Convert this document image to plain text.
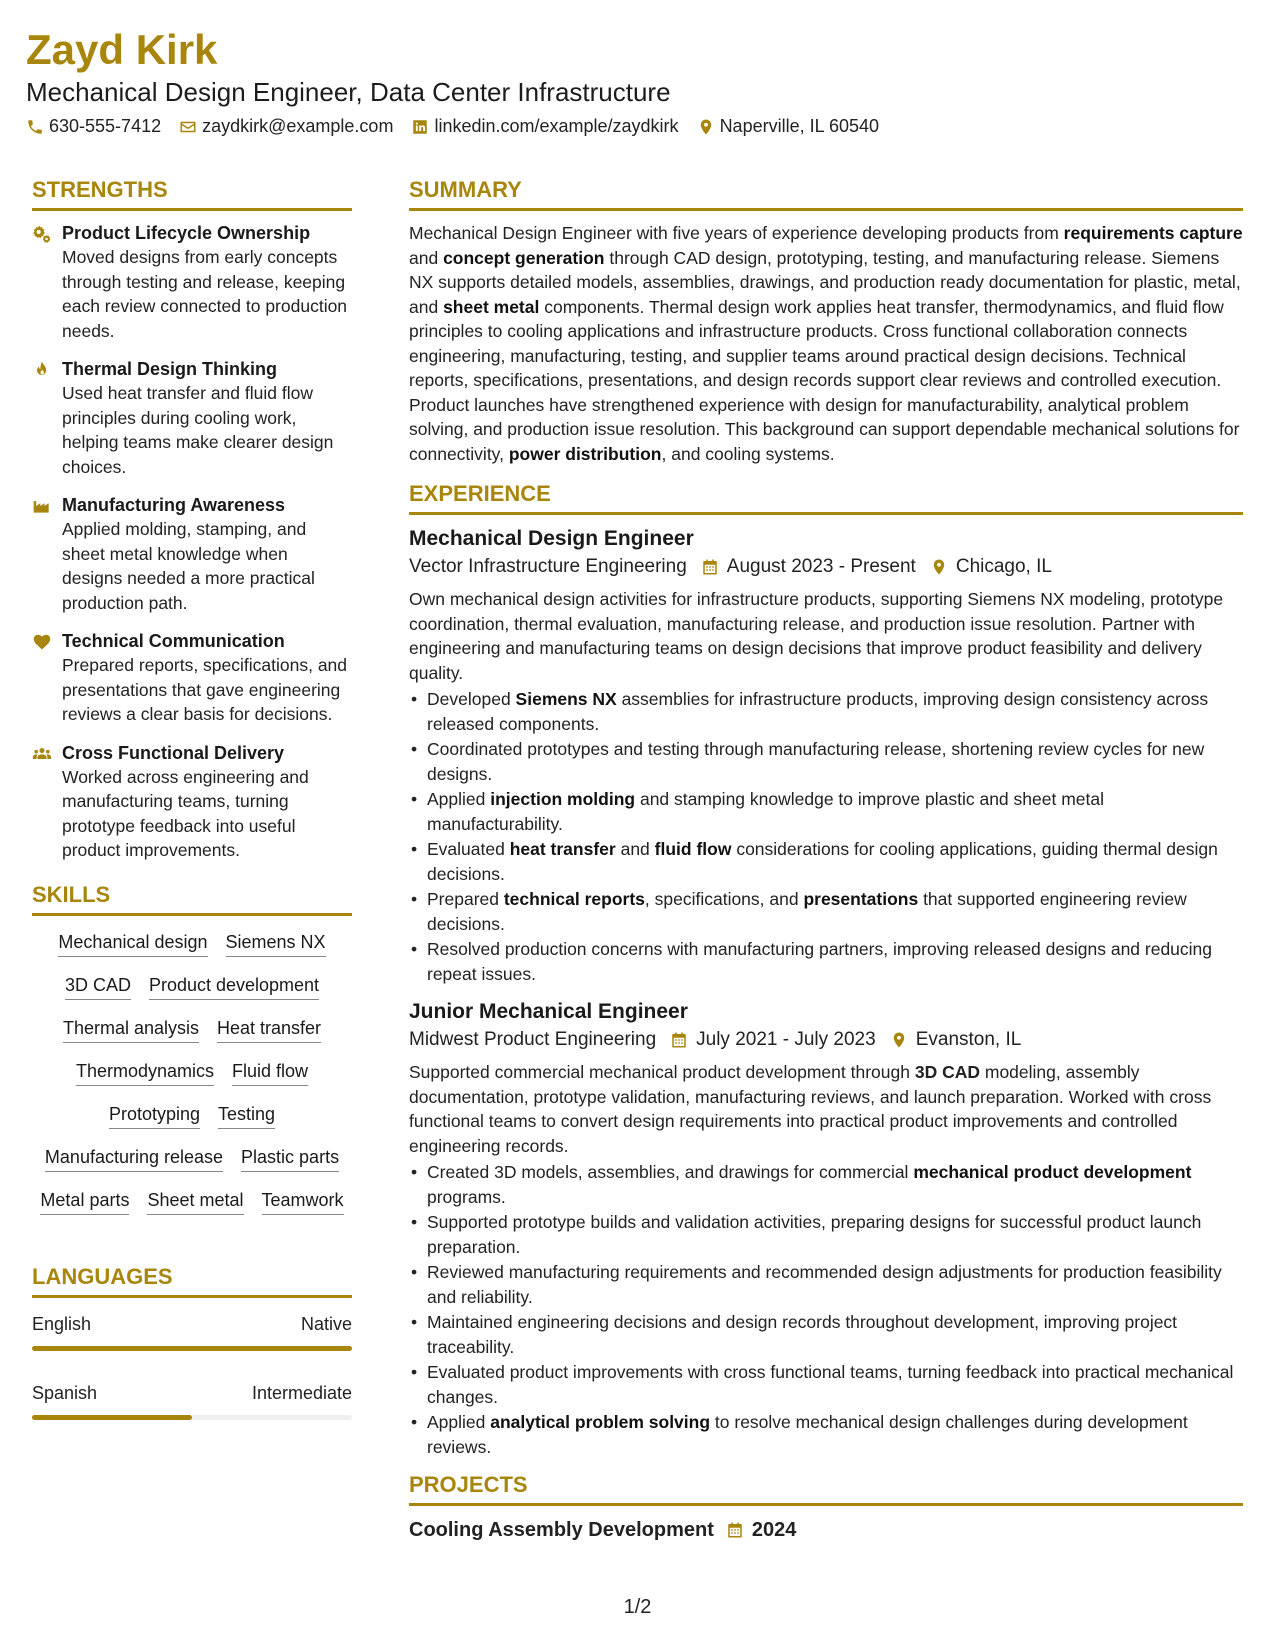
Zayd Kirk
Mechanical Design Engineer, Data Center Infrastructure
630-555-7412 zaydkirk@example.com linkedin.com/example/zaydkirk Naperville, IL 60540
STRENGTHS
Product Lifecycle Ownership
Moved designs from early concepts through testing and release, keeping each review connected to production needs.
Thermal Design Thinking
Used heat transfer and fluid flow principles during cooling work, helping teams make clearer design choices.
Manufacturing Awareness
Applied molding, stamping, and sheet metal knowledge when designs needed a more practical production path.
Technical Communication
Prepared reports, specifications, and presentations that gave engineering reviews a clear basis for decisions.
Cross Functional Delivery
Worked across engineering and manufacturing teams, turning prototype feedback into useful product improvements.
SKILLS
Mechanical design Siemens NX
3D CAD Product development
Thermal analysis Heat transfer
Thermodynamics Fluid flow
Prototyping Testing
Manufacturing release Plastic parts
Metal parts Sheet metal Teamwork
LANGUAGES
English	Native
Spanish	Intermediate
SUMMARY
Mechanical Design Engineer with five years of experience developing products from requirements capture and concept generation through CAD design, prototyping, testing, and manufacturing release. Siemens NX supports detailed models, assemblies, drawings, and production ready documentation for plastic, metal, and sheet metal components. Thermal design work applies heat transfer, thermodynamics, and fluid flow principles to cooling applications and infrastructure products. Cross functional collaboration connects engineering, manufacturing, testing, and supplier teams around practical design decisions. Technical reports, specifications, presentations, and design records support clear reviews and controlled execution. Product launches have strengthened experience with design for manufacturability, analytical problem solving, and production issue resolution. This background can support dependable mechanical solutions for connectivity, power distribution, and cooling systems.
EXPERIENCE
Mechanical Design Engineer
Vector Infrastructure Engineering August 2023 - Present Chicago, IL
Own mechanical design activities for infrastructure products, supporting Siemens NX modeling, prototype coordination, thermal evaluation, manufacturing release, and production issue resolution. Partner with engineering and manufacturing teams on design decisions that improve product feasibility and delivery quality.
• Developed Siemens NX assemblies for infrastructure products, improving design consistency across released components.
• Coordinated prototypes and testing through manufacturing release, shortening review cycles for new designs.
• Applied injection molding and stamping knowledge to improve plastic and sheet metal manufacturability.
• Evaluated heat transfer and fluid flow considerations for cooling applications, guiding thermal design decisions.
• Prepared technical reports, specifications, and presentations that supported engineering review decisions.
• Resolved production concerns with manufacturing partners, improving released designs and reducing repeat issues.
Junior Mechanical Engineer
Midwest Product Engineering July 2021 - July 2023 Evanston, IL
Supported commercial mechanical product development through 3D CAD modeling, assembly documentation, prototype validation, manufacturing reviews, and launch preparation. Worked with cross functional teams to convert design requirements into practical product improvements and controlled engineering records.
• Created 3D models, assemblies, and drawings for commercial mechanical product development programs.
• Supported prototype builds and validation activities, preparing designs for successful product launch preparation.
• Reviewed manufacturing requirements and recommended design adjustments for production feasibility and reliability.
• Maintained engineering decisions and design records throughout development, improving project traceability.
• Evaluated product improvements with cross functional teams, turning feedback into practical mechanical changes.
• Applied analytical problem solving to resolve mechanical design challenges during development reviews.
PROJECTS
Cooling Assembly Development 2024
1/2
